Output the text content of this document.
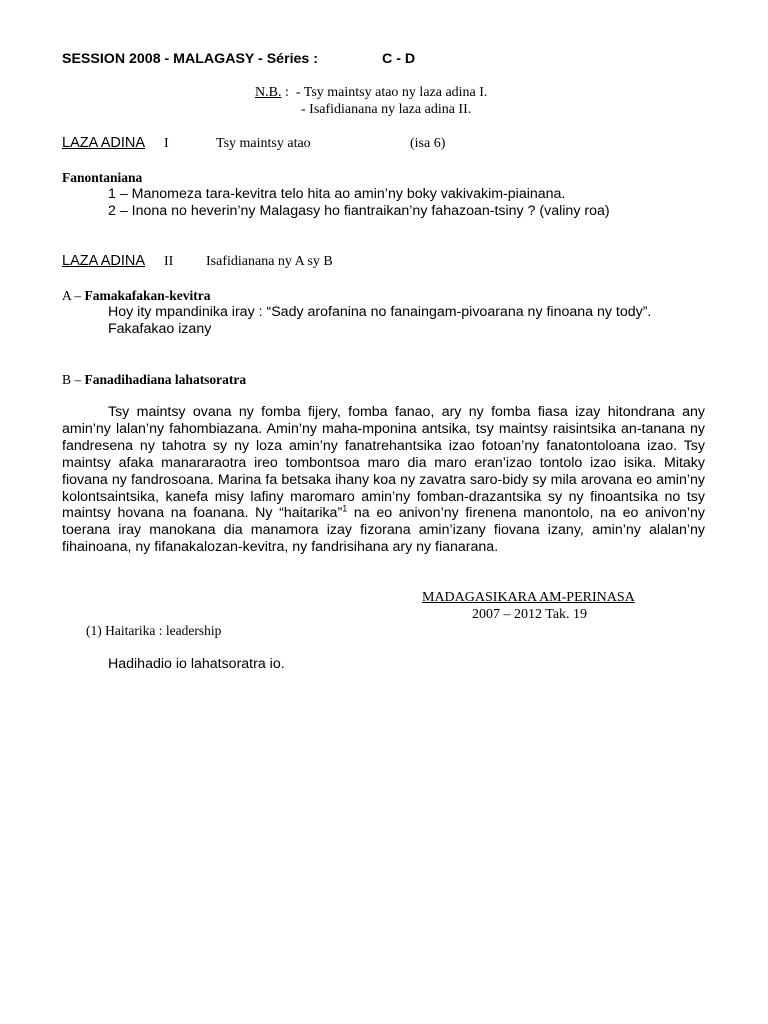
SESSION 2008 - MALAGASY - Séries :	C - D
N.B. :  - Tsy maintsy atao ny laza adina I.
- Isafidianana ny laza adina II.
LAZA ADINA I	Tsy maintsy atao	(isa 6)
Fanontaniana
1 – Manomeza tara-kevitra telo hita ao amin’ny boky vakivakim-piainana.
2 – Inona no heverin’ny Malagasy ho fiantraikan’ny fahazoan-tsiny ? (valiny roa)
LAZA ADINA II Isafidianana ny A sy B
A – Famakafakan-kevitra
Hoy ity mpandinika iray : “Sady arofanina no fanaingam-pivoarana ny finoana ny tody”.
Fakafakao izany
B – Fanadihadiana lahatsoratra

Tsy maintsy ovana ny fomba fijery, fomba fanao, ary ny fomba fiasa izay hitondrana any amin’ny lalan’ny fahombiazana. Amin’ny maha-mponina antsika, tsy maintsy raisintsika an-tanana ny fandresena ny tahotra sy ny loza amin’ny fanatrehantsika izao fotoan’ny fanatontoloana izao. Tsy maintsy afaka manararaotra ireo tombontsoa maro dia maro eran’izao tontolo izao isika. Mitaky fiovana ny fandrosoana. Marina fa betsaka ihany koa ny zavatra saro-bidy sy mila arovana eo amin’ny kolontsaintsika, kanefa misy lafiny maromaro amin’ny fomban-drazantsika sy ny finoantsika no tsy maintsy hovana na foanana. Ny “haitarika”$^1$ na eo anivon’ny firenena manontolo, na eo anivon’ny toerana iray manokana dia manamora izay fizorana amin’izany fiovana izany, amin’ny alalan’ny fihainoana, ny fifanakalozan-kevitra, ny fandrisihana ary ny fianarana.

MADAGASIKARA AM-PERINASA
2007 – 2012 Tak. 19
(1) Haitarika : leadership
Hadihadio io lahatsoratra io.
